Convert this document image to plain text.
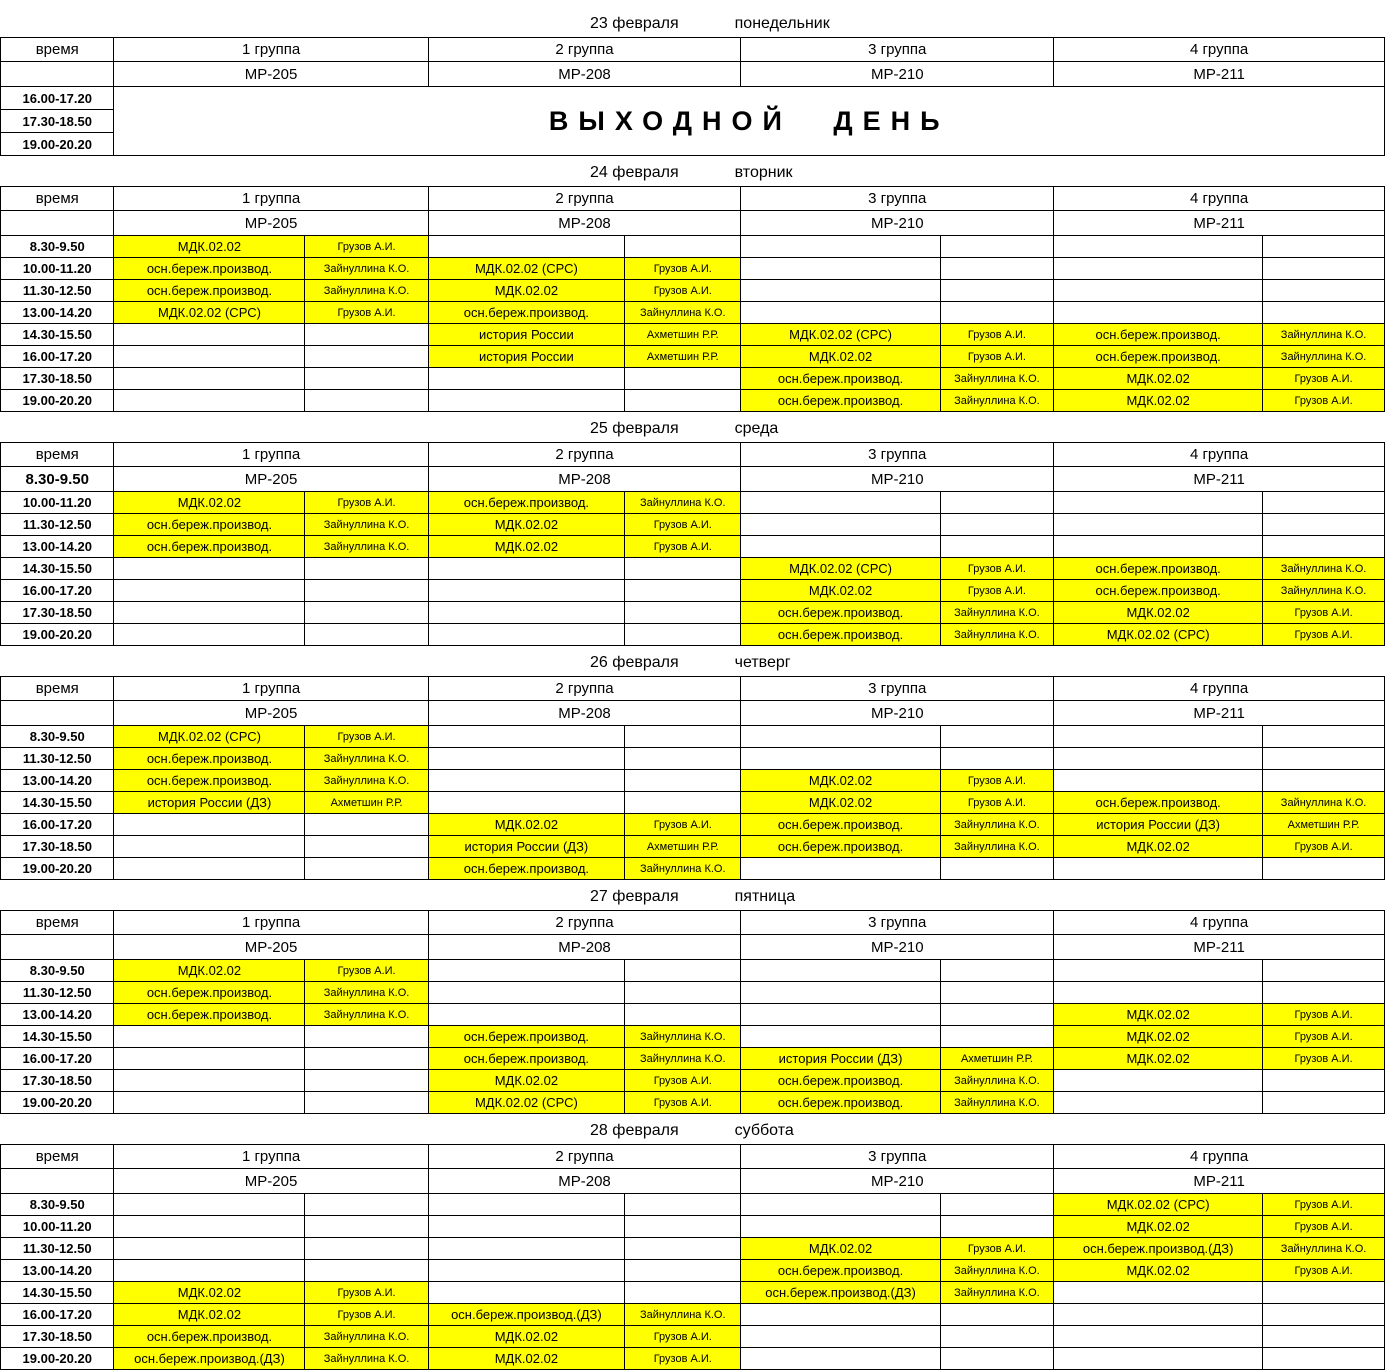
23 февраля	понедельник
время	1 группа	2 группа	3 группа	4 группа
	МР-205	МР-208	МР-210	МР-211
16.00-17.20	ВЫХОДНОЙ ДЕНЬ			
17.30-18.50				
19.00-20.20				
24 февраля	вторник
время	1 группа		2 группа		3 группа		4 группа	
	МР-205		МР-208		МР-210		МР-211	
8.30-9.50	МДК.02.02	Грузов А.И.						
10.00-11.20	осн.береж.производ.	Зайнуллина К.О.	МДК.02.02 (СРС)	Грузов А.И.				
11.30-12.50	осн.береж.производ.	Зайнуллина К.О.	МДК.02.02	Грузов А.И.				
13.00-14.20	МДК.02.02 (СРС)	Грузов А.И.	осн.береж.производ.	Зайнуллина К.О.				
14.30-15.50			история России	Ахметшин Р.Р.	МДК.02.02 (СРС)	Грузов А.И.	осн.береж.производ.	Зайнуллина К.О.
16.00-17.20			история России	Ахметшин Р.Р.	МДК.02.02	Грузов А.И.	осн.береж.производ.	Зайнуллина К.О.
17.30-18.50					осн.береж.производ.	Зайнуллина К.О.	МДК.02.02	Грузов А.И.
19.00-20.20					осн.береж.производ.	Зайнуллина К.О.	МДК.02.02	Грузов А.И.
25 февраля	среда
время	1 группа		2 группа		3 группа		4 группа	
8.30-9.50	МР-205		МР-208		МР-210		МР-211	
10.00-11.20	МДК.02.02	Грузов А.И.	осн.береж.производ.	Зайнуллина К.О.				
11.30-12.50	осн.береж.производ.	Зайнуллина К.О.	МДК.02.02	Грузов А.И.				
13.00-14.20	осн.береж.производ.	Зайнуллина К.О.	МДК.02.02	Грузов А.И.				
14.30-15.50					МДК.02.02 (СРС)	Грузов А.И.	осн.береж.производ.	Зайнуллина К.О.
16.00-17.20					МДК.02.02	Грузов А.И.	осн.береж.производ.	Зайнуллина К.О.
17.30-18.50					осн.береж.производ.	Зайнуллина К.О.	МДК.02.02	Грузов А.И.
19.00-20.20					осн.береж.производ.	Зайнуллина К.О.	МДК.02.02 (СРС)	Грузов А.И.
26 февраля	четверг
время	1 группа		2 группа		3 группа		4 группа	
	МР-205		МР-208		МР-210		МР-211	
8.30-9.50	МДК.02.02 (СРС)	Грузов А.И.						
11.30-12.50	осн.береж.производ.	Зайнуллина К.О.						
13.00-14.20	осн.береж.производ.	Зайнуллина К.О.			МДК.02.02	Грузов А.И.		
14.30-15.50	история России (ДЗ)	Ахметшин Р.Р.			МДК.02.02	Грузов А.И.	осн.береж.производ.	Зайнуллина К.О.
16.00-17.20			МДК.02.02	Грузов А.И.	осн.береж.производ.	Зайнуллина К.О.	история России (ДЗ)	Ахметшин Р.Р.
17.30-18.50			история России (ДЗ)	Ахметшин Р.Р.	осн.береж.производ.	Зайнуллина К.О.	МДК.02.02	Грузов А.И.
19.00-20.20			осн.береж.производ.	Зайнуллина К.О.				
27 февраля	пятница
время	1 группа		2 группа		3 группа		4 группа	
	МР-205		МР-208		МР-210		МР-211	
8.30-9.50	МДК.02.02	Грузов А.И.						
11.30-12.50	осн.береж.производ.	Зайнуллина К.О.						
13.00-14.20	осн.береж.производ.	Зайнуллина К.О.					МДК.02.02	Грузов А.И.
14.30-15.50			осн.береж.производ.	Зайнуллина К.О.			МДК.02.02	Грузов А.И.
16.00-17.20			осн.береж.производ.	Зайнуллина К.О.	история России (ДЗ)	Ахметшин Р.Р.	МДК.02.02	Грузов А.И.
17.30-18.50			МДК.02.02	Грузов А.И.	осн.береж.производ.	Зайнуллина К.О.		
19.00-20.20			МДК.02.02 (СРС)	Грузов А.И.	осн.береж.производ.	Зайнуллина К.О.		
28 февраля	суббота
время	1 группа		2 группа		3 группа		4 группа	
	МР-205		МР-208		МР-210		МР-211	
8.30-9.50							МДК.02.02 (СРС)	Грузов А.И.
10.00-11.20							МДК.02.02	Грузов А.И.
11.30-12.50					МДК.02.02	Грузов А.И.	осн.береж.производ.(ДЗ)	Зайнуллина К.О.
13.00-14.20					осн.береж.производ.	Зайнуллина К.О.	МДК.02.02	Грузов А.И.
14.30-15.50	МДК.02.02	Грузов А.И.			осн.береж.производ.(ДЗ)	Зайнуллина К.О.		
16.00-17.20	МДК.02.02	Грузов А.И.	осн.береж.производ.(ДЗ)	Зайнуллина К.О.				
17.30-18.50	осн.береж.производ.	Зайнуллина К.О.	МДК.02.02	Грузов А.И.				
19.00-20.20	осн.береж.производ.(ДЗ)	Зайнуллина К.О.	МДК.02.02	Грузов А.И.				
